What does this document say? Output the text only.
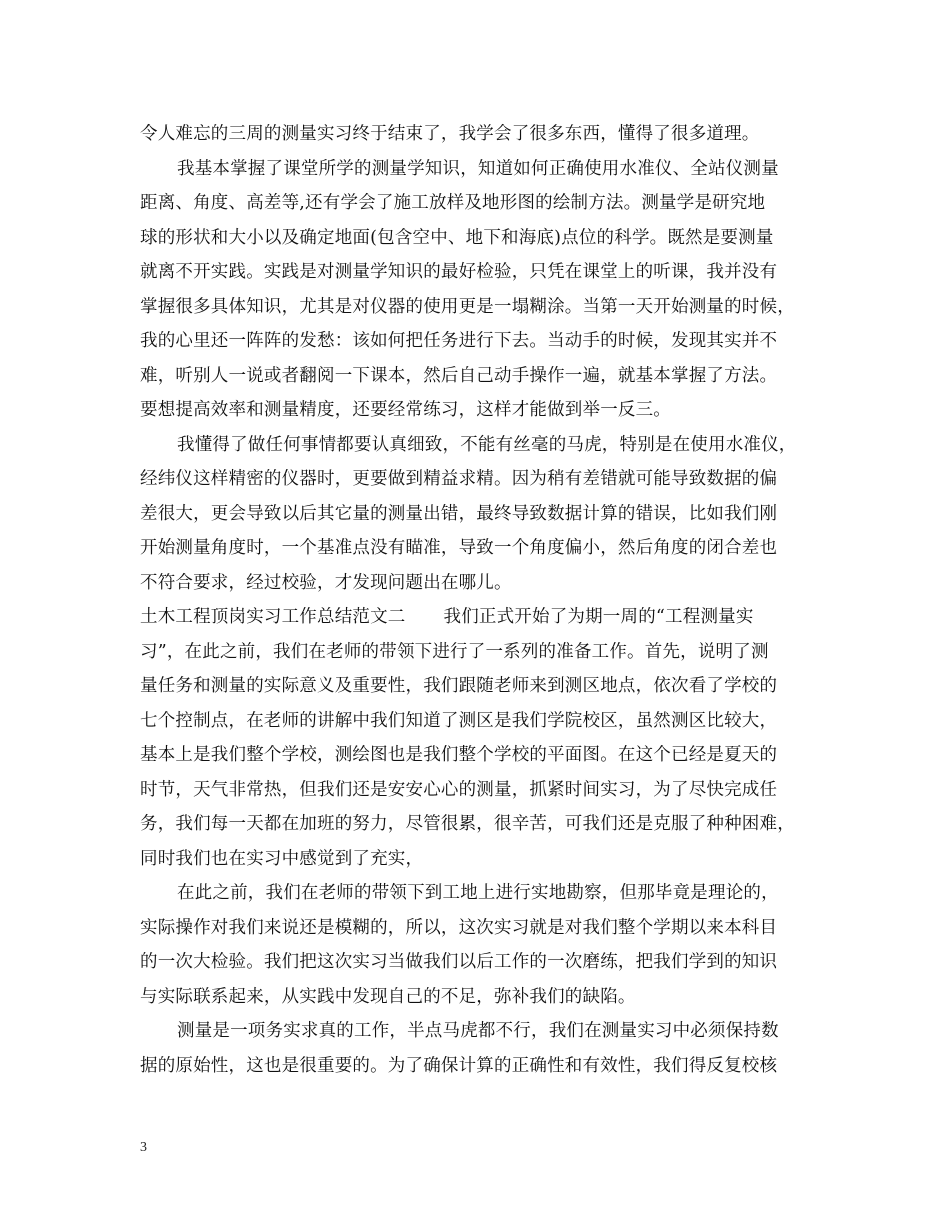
令人难忘的三周的测量实习终于结束了，我学会了很多东西，懂得了很多道理。
我基本掌握了课堂所学的测量学知识，知道如何正确使用水准仪、全站仪测量
距离、角度、高差等,还有学会了施工放样及地形图的绘制方法。测量学是研究地
球的形状和大小以及确定地面(包含空中、地下和海底)点位的科学。既然是要测量
就离不开实践。实践是对测量学知识的最好检验，只凭在课堂上的听课，我并没有
掌握很多具体知识，尤其是对仪器的使用更是一塌糊涂。当第一天开始测量的时候，
我的心里还一阵阵的发愁：该如何把任务进行下去。当动手的时候，发现其实并不
难，听别人一说或者翻阅一下课本，然后自己动手操作一遍，就基本掌握了方法。
要想提高效率和测量精度，还要经常练习，这样才能做到举一反三。
我懂得了做任何事情都要认真细致，不能有丝毫的马虎，特别是在使用水准仪，
经纬仪这样精密的仪器时，更要做到精益求精。因为稍有差错就可能导致数据的偏
差很大，更会导致以后其它量的测量出错，最终导致数据计算的错误，比如我们刚
开始测量角度时，一个基准点没有瞄准，导致一个角度偏小，然后角度的闭合差也
不符合要求，经过校验，才发现问题出在哪儿。
土木工程顶岗实习工作总结范文二 我们正式开始了为期一周的“工程测量实
习”，在此之前，我们在老师的带领下进行了一系列的准备工作。首先，说明了测
量任务和测量的实际意义及重要性，我们跟随老师来到测区地点，依次看了学校的
七个控制点，在老师的讲解中我们知道了测区是我们学院校区，虽然测区比较大，
基本上是我们整个学校，测绘图也是我们整个学校的平面图。在这个已经是夏天的
时节，天气非常热，但我们还是安安心心的测量，抓紧时间实习，为了尽快完成任
务，我们每一天都在加班的努力，尽管很累，很辛苦，可我们还是克服了种种困难，
同时我们也在实习中感觉到了充实，
在此之前，我们在老师的带领下到工地上进行实地勘察，但那毕竟是理论的，
实际操作对我们来说还是模糊的，所以，这次实习就是对我们整个学期以来本科目
的一次大检验。我们把这次实习当做我们以后工作的一次磨练，把我们学到的知识
与实际联系起来，从实践中发现自己的不足，弥补我们的缺陷。
测量是一项务实求真的工作，半点马虎都不行，我们在测量实习中必须保持数
据的原始性，这也是很重要的。为了确保计算的正确性和有效性，我们得反复校核
3
